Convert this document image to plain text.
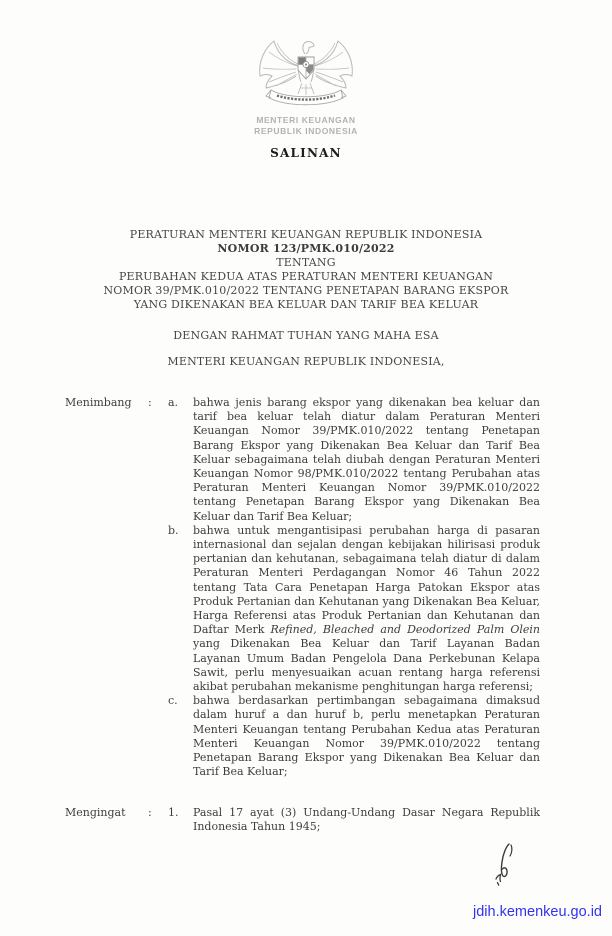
MENTERI KEUANGAN
REPUBLIK INDONESIA
SALINAN
PERATURAN MENTERI KEUANGAN REPUBLIK INDONESIA
NOMOR 123/PMK.010/2022
TENTANG
PERUBAHAN KEDUA ATAS PERATURAN MENTERI KEUANGAN
NOMOR 39/PMK.010/2022 TENTANG PENETAPAN BARANG EKSPOR
YANG DIKENAKAN BEA KELUAR DAN TARIF BEA KELUAR
DENGAN RAHMAT TUHAN YANG MAHA ESA
MENTERI KEUANGAN REPUBLIK INDONESIA,
Menimbang	:	a.	bahwa jenis barang ekspor yang dikenakan bea keluar dan tarif bea keluar telah diatur dalam Peraturan Menteri Keuangan Nomor 39/PMK.010/2022 tentang Penetapan Barang Ekspor yang Dikenakan Bea Keluar dan Tarif Bea Keluar sebagaimana telah diubah dengan Peraturan Menteri Keuangan Nomor 98/PMK.010/2022 tentang Perubahan atas Peraturan Menteri Keuangan Nomor 39/PMK.010/2022 tentang Penetapan Barang Ekspor yang Dikenakan Bea Keluar dan Tarif Bea Keluar;
b.	bahwa untuk mengantisipasi perubahan harga di pasaran internasional dan sejalan dengan kebijakan hilirisasi produk pertanian dan kehutanan, sebagaimana telah diatur di dalam Peraturan Menteri Perdagangan Nomor 46 Tahun 2022 tentang Tata Cara Penetapan Harga Patokan Ekspor atas Produk Pertanian dan Kehutanan yang Dikenakan Bea Keluar, Harga Referensi atas Produk Pertanian dan Kehutanan dan Daftar Merk Refined, Bleached and Deodorized Palm Olein yang Dikenakan Bea Keluar dan Tarif Layanan Badan Layanan Umum Badan Pengelola Dana Perkebunan Kelapa Sawit, perlu menyesuaikan acuan rentang harga referensi akibat perubahan mekanisme penghitungan harga referensi;
c.	bahwa berdasarkan pertimbangan sebagaimana dimaksud dalam huruf a dan huruf b, perlu menetapkan Peraturan Menteri Keuangan tentang Perubahan Kedua atas Peraturan Menteri Keuangan Nomor 39/PMK.010/2022 tentang Penetapan Barang Ekspor yang Dikenakan Bea Keluar dan Tarif Bea Keluar;
Mengingat	:	1.	Pasal 17 ayat (3) Undang-Undang Dasar Negara Republik Indonesia Tahun 1945;
jdih.kemenkeu.go.id
